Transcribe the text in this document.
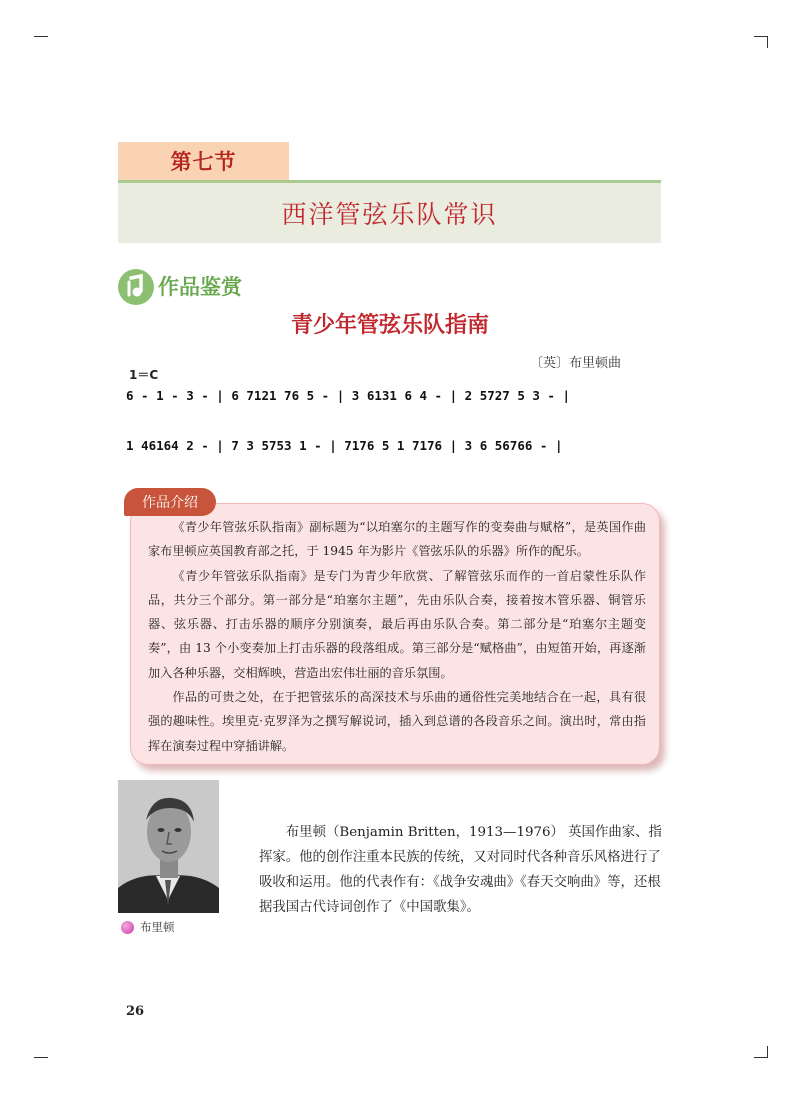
第七节
西洋管弦乐队常识
作品鉴赏
青少年管弦乐队指南
〔英〕布里顿曲
1＝C
6 - 1 - 3 - | 6 7121 76 5 - | 3 6131 6 4 - | 2 5727 5 3 - |
1 46164 2 - | 7 3 5753 1 - | 7176 5 1 7176 | 3 6 56766 - |
作品介绍

《青少年管弦乐队指南》副标题为“以珀塞尔的主题写作的变奏曲与赋格”，是英国作曲家布里顿应英国教育部之托，于 1945 年为影片《管弦乐队的乐器》所作的配乐。

《青少年管弦乐队指南》是专门为青少年欣赏、了解管弦乐而作的一首启蒙性乐队作品，共分三个部分。第一部分是“珀塞尔主题”，先由乐队合奏，接着按木管乐器、铜管乐器、弦乐器、打击乐器的顺序分别演奏，最后再由乐队合奏。第二部分是“珀塞尔主题变奏”，由 13 个小变奏加上打击乐器的段落组成。第三部分是“赋格曲”，由短笛开始，再逐渐加入各种乐器，交相辉映，营造出宏伟壮丽的音乐氛围。

作品的可贵之处，在于把管弦乐的高深技术与乐曲的通俗性完美地结合在一起，具有很强的趣味性。埃里克·克罗泽为之撰写解说词，插入到总谱的各段音乐之间。演出时，常由指挥在演奏过程中穿插讲解。

布里顿

布里顿（Benjamin Britten，1913—1976） 英国作曲家、指挥家。他的创作注重本民族的传统，又对同时代各种音乐风格进行了吸收和运用。他的代表作有：《战争安魂曲》《春天交响曲》等，还根据我国古代诗词创作了《中国歌集》。

26
